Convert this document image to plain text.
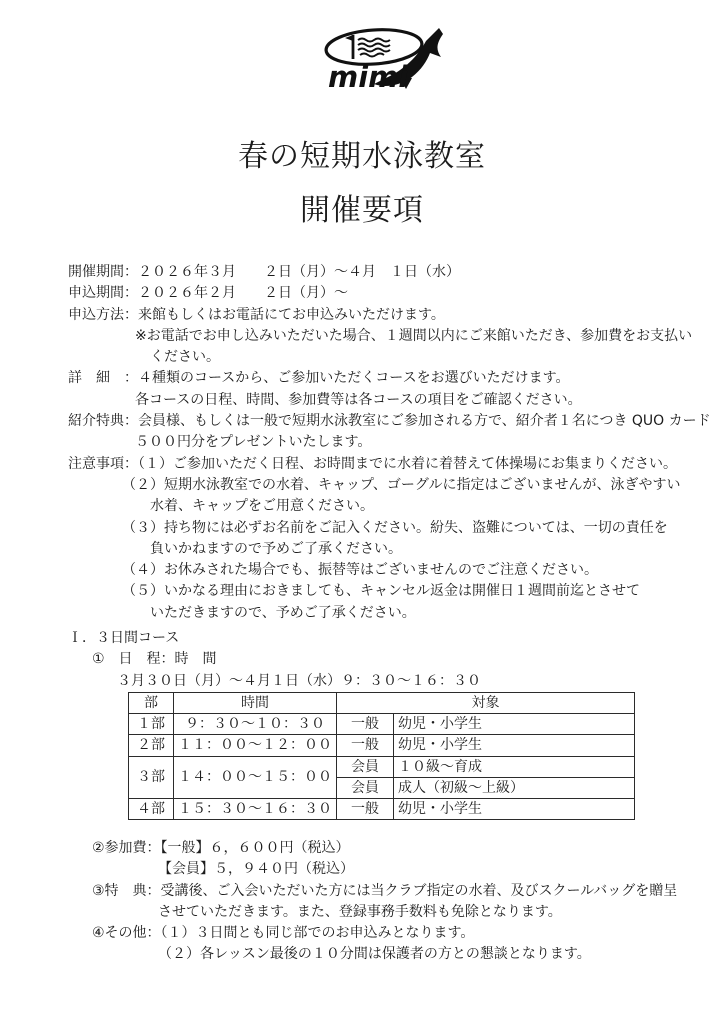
mimi
春の短期水泳教室
開催要項
開催期間：２０２６年３月　　２日（月）～４月　１日（水）
申込期間：２０２６年２月　　２日（月）～
申込方法：来館もしくはお電話にてお申込みいただけます。
※お電話でお申し込みいただいた場合、１週間以内にご来館いただき、参加費をお支払い
ください。
詳　細　：４種類のコースから、ご参加いただくコースをお選びいただけます。
各コースの日程、時間、参加費等は各コースの項目をご確認ください。
紹介特典：会員様、もしくは一般で短期水泳教室にご参加される方で、紹介者１名につき QUO カード
５００円分をプレゼントいたします。
注意事項：（１）ご参加いただく日程、お時間までに水着に着替えて体操場にお集まりください。
（２）短期水泳教室での水着、キャップ、ゴーグルに指定はございませんが、泳ぎやすい
水着、キャップをご用意ください。
（３）持ち物には必ずお名前をご記入ください。紛失、盗難については、一切の責任を
負いかねますので予めご了承ください。
（４）お休みされた場合でも、振替等はございませんのでご注意ください。
（５）いかなる理由におきましても、キャンセル返金は開催日１週間前迄とさせて
いただきますので、予めご了承ください。
Ｉ．３日間コース
①　日　程：時　間
３月３０日（月）～４月１日（水）９：３０～１６：３０
部	時間	対象	
１部	９：３０～１０：３０	一般	幼児・小学生
２部	１１：００～１２：００	一般	幼児・小学生
３部	１４：００～１５：００	会員	１０級～育成
		会員	成人（初級～上級）
４部	１５：３０～１６：３０	一般	幼児・小学生
②参加費：【一般】６，６００円（税込）
【会員】５，９４０円（税込）
③特　典：受講後、ご入会いただいた方には当クラブ指定の水着、及びスクールバッグを贈呈
させていただきます。また、登録事務手数料も免除となります。
④その他：（１）３日間とも同じ部でのお申込みとなります。
（２）各レッスン最後の１０分間は保護者の方との懇談となります。
